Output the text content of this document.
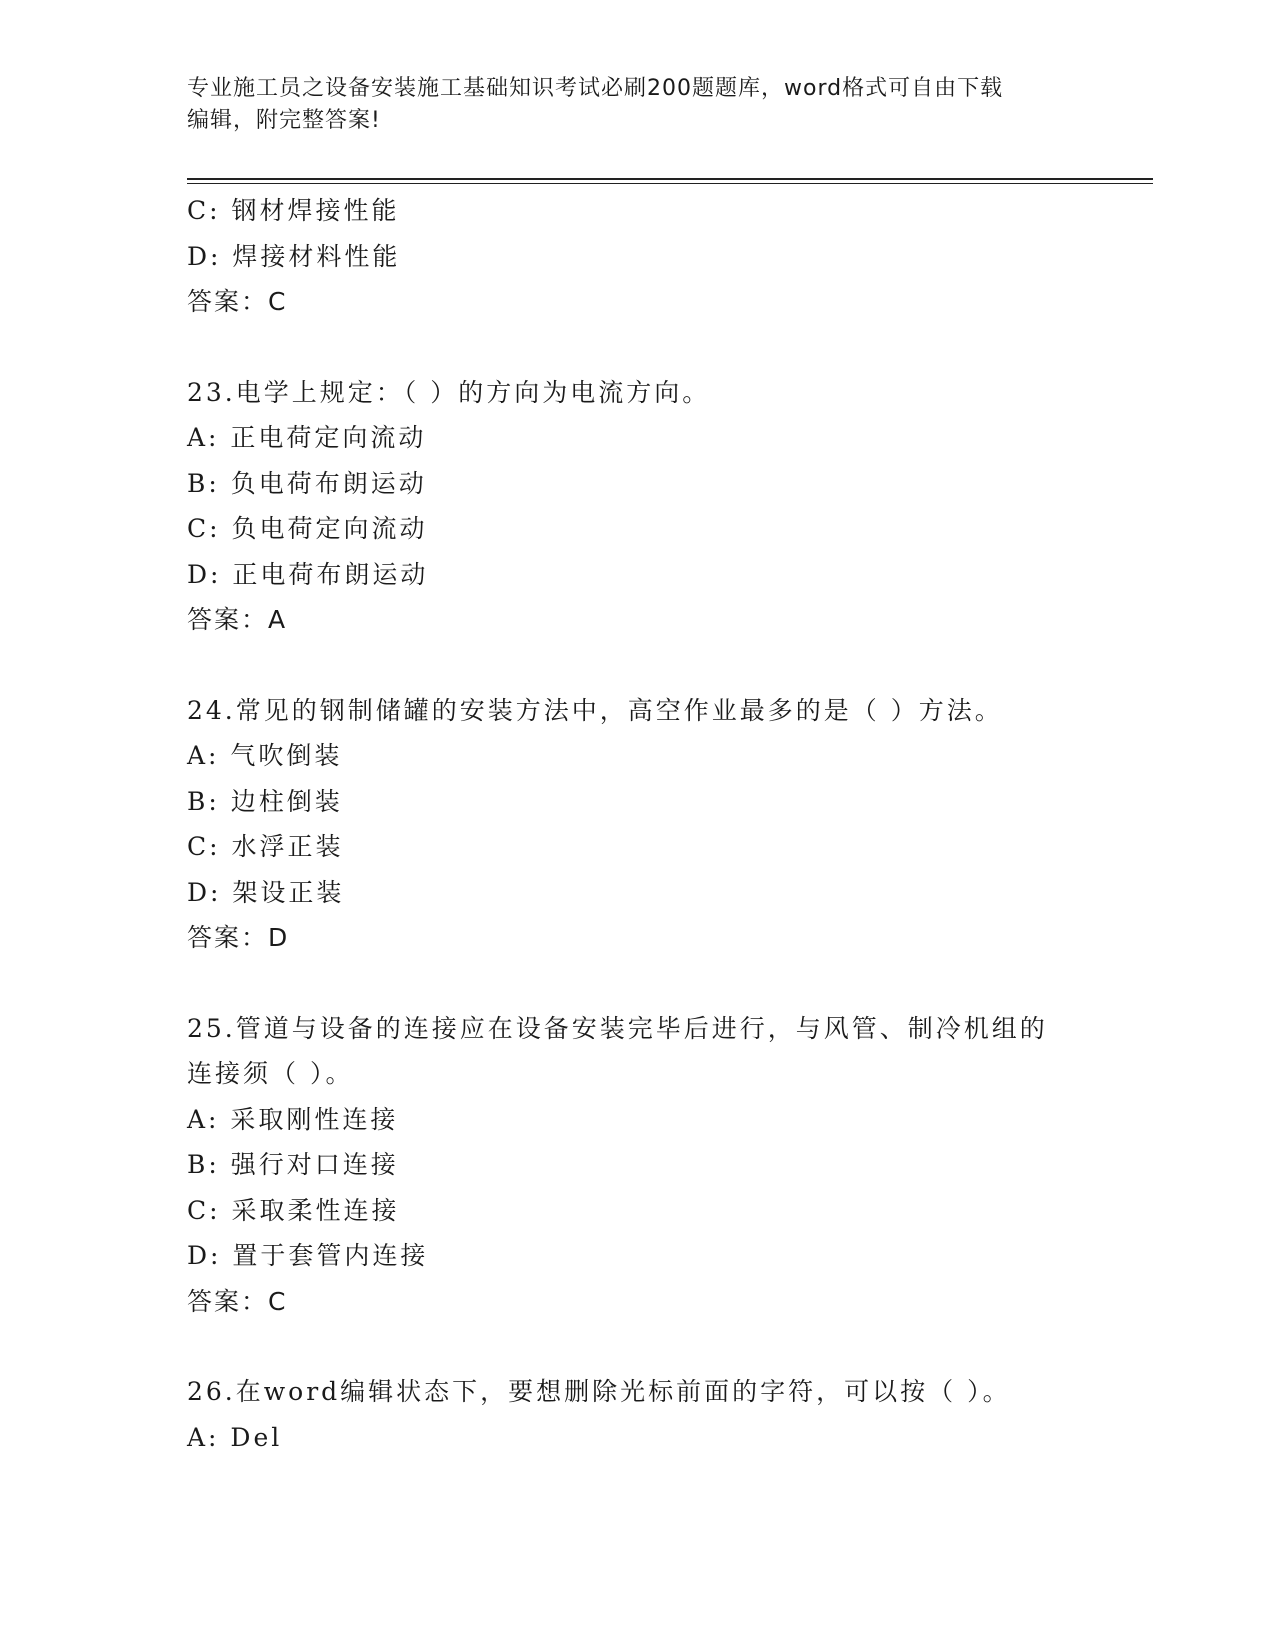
专业施工员之设备安装施工基础知识考试必刷200题题库，word格式可自由下载
编辑，附完整答案!
C: 钢材焊接性能
D: 焊接材料性能
答案：C
23.电学上规定：（ ）的方向为电流方向。
A: 正电荷定向流动
B: 负电荷布朗运动
C: 负电荷定向流动
D: 正电荷布朗运动
答案：A
24.常见的钢制储罐的安装方法中，高空作业最多的是（ ）方法。
A: 气吹倒装
B: 边柱倒装
C: 水浮正装
D: 架设正装
答案：D
25.管道与设备的连接应在设备安装完毕后进行，与风管、制冷机组的
连接须（ ）。
A: 采取刚性连接
B: 强行对口连接
C: 采取柔性连接
D: 置于套管内连接
答案：C
26.在word编辑状态下，要想删除光标前面的字符，可以按（ ）。
A: Del
